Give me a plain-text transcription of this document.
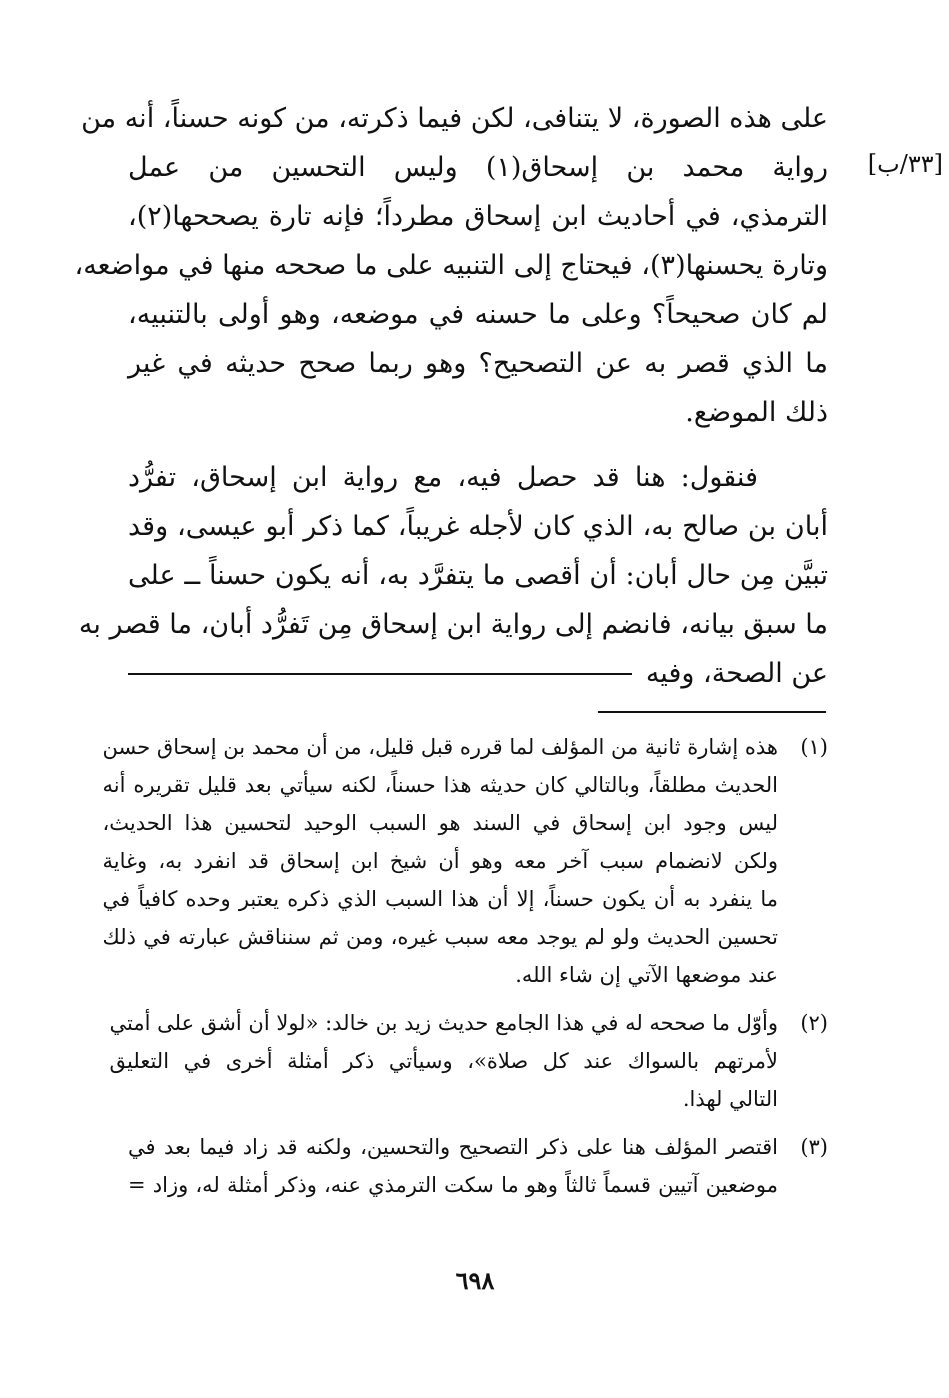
[٣٣/ب]
على هذه الصورة، لا يتنافى، لكن فيما ذكرته، من كونه حسناً، أنه من
رواية محمد بن إسحاق(١) وليس التحسين من عمل
الترمذي، في أحاديث ابن إسحاق مطرداً؛ فإنه تارة يصححها(٢)،
وتارة يحسنها(٣)، فيحتاج إلى التنبيه على ما صححه منها في مواضعه،
لم كان صحيحاً؟ وعلى ما حسنه في موضعه، وهو أولى بالتنبيه،
ما الذي قصر به عن التصحيح؟ وهو ربما صحح حديثه في غير
ذلك الموضع.
فنقول: هنا قد حصل فيه، مع رواية ابن إسحاق، تفرُّد
أبان بن صالح به، الذي كان لأجله غريباً، كما ذكر أبو عيسى، وقد
تبيَّن مِن حال أبان: أن أقصى ما يتفرَّد به، أنه يكون حسناً ــ على
ما سبق بيانه، فانضم إلى رواية ابن إسحاق مِن تَفرُّد أبان، ما قصر به
عن الصحة، وفيه
(١)
هذه إشارة ثانية من المؤلف لما قرره قبل قليل، من أن محمد بن إسحاق حسن
الحديث مطلقاً، وبالتالي كان حديثه هذا حسناً، لكنه سيأتي بعد قليل تقريره أنه
ليس وجود ابن إسحاق في السند هو السبب الوحيد لتحسين هذا الحديث،
ولكن لانضمام سبب آخر معه وهو أن شيخ ابن إسحاق قد انفرد به، وغاية
ما ينفرد به أن يكون حسناً، إلا أن هذا السبب الذي ذكره يعتبر وحده كافياً في
تحسين الحديث ولو لم يوجد معه سبب غيره، ومن ثم سنناقش عبارته في ذلك
عند موضعها الآتي إن شاء الله.
(٢)
وأوّل ما صححه له في هذا الجامع حديث زيد بن خالد: «لولا أن أشق على أمتي
لأمرتهم بالسواك عند كل صلاة»، وسيأتي ذكر أمثلة أخرى في التعليق
التالي لهذا.
(٣)
اقتصر المؤلف هنا على ذكر التصحيح والتحسين، ولكنه قد زاد فيما بعد في
موضعين آتيين قسماً ثالثاً وهو ما سكت الترمذي عنه، وذكر أمثلة له، وزاد =
٦٩٨
